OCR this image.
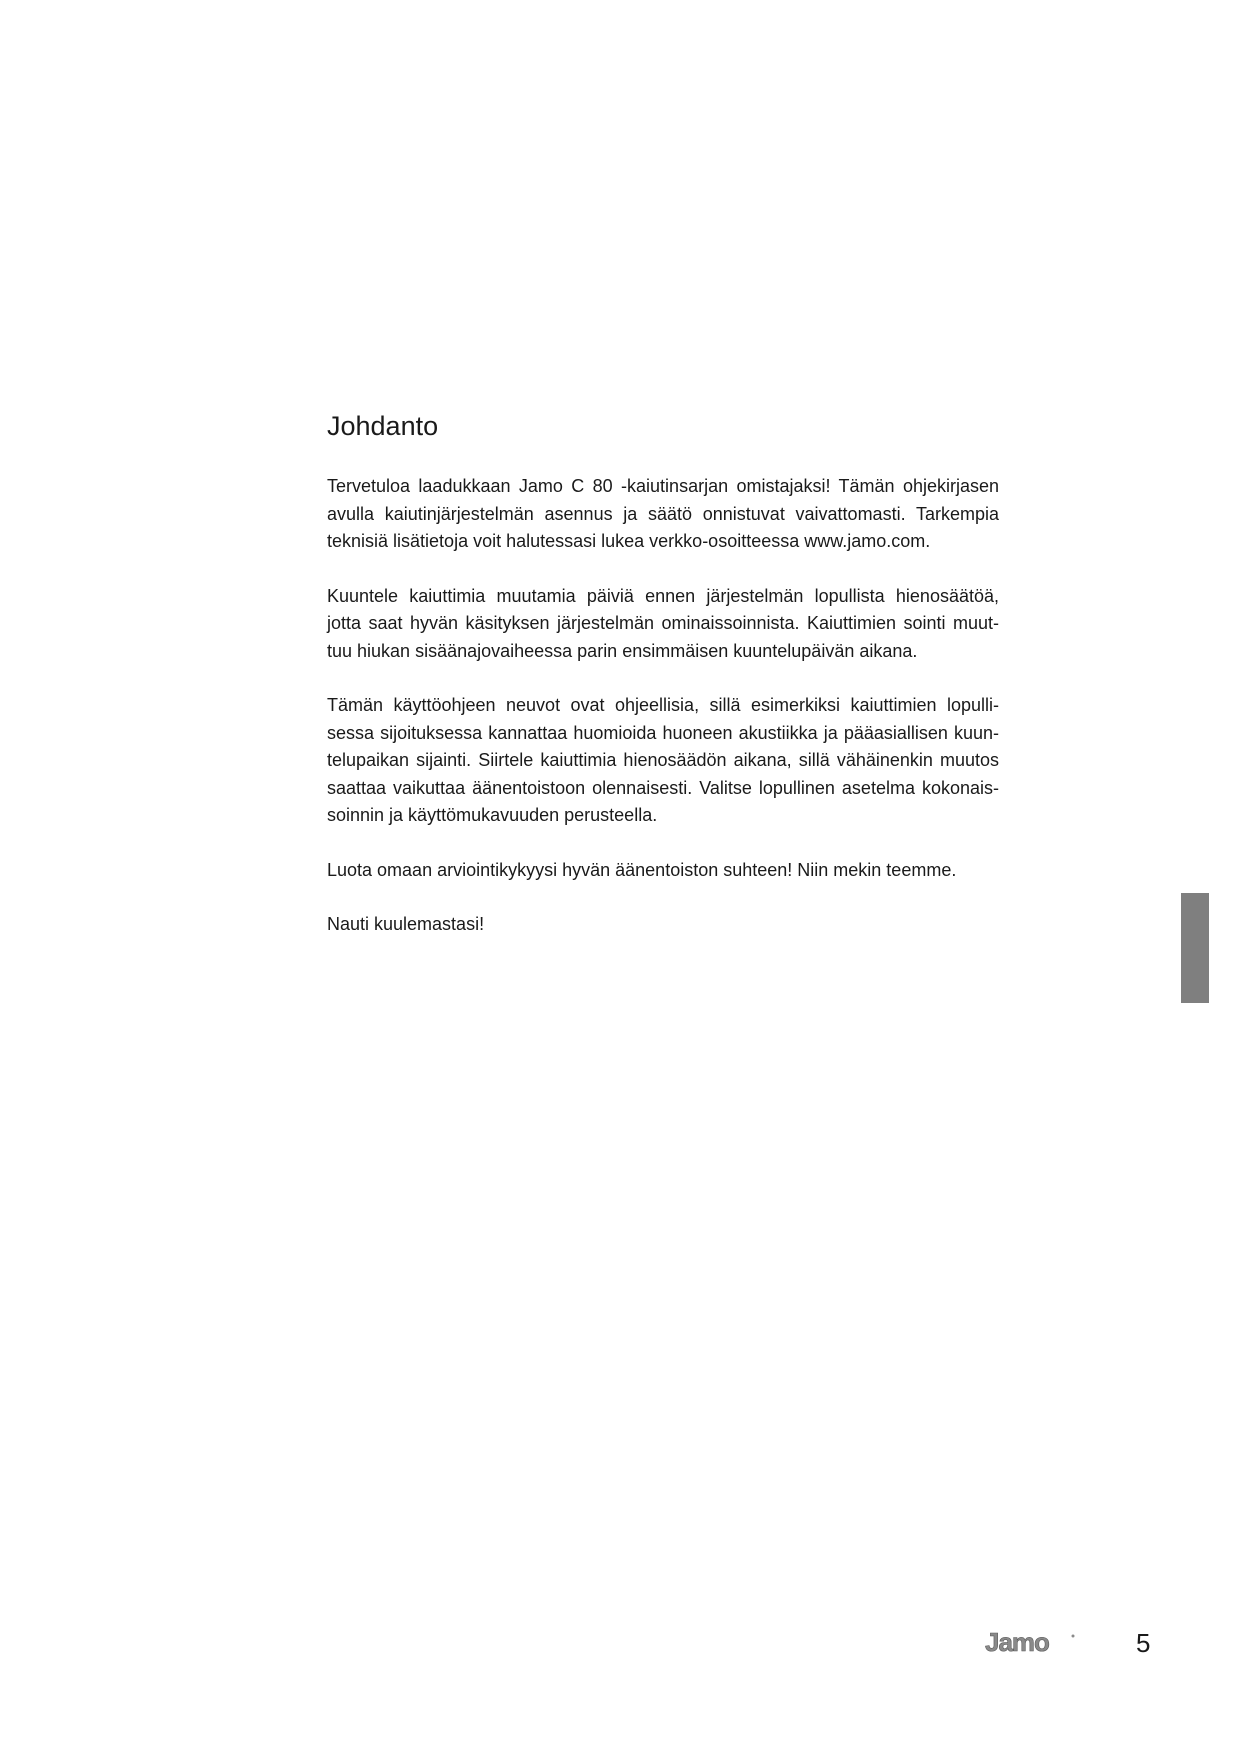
Johdanto

Tervetuloa laadukkaan Jamo C 80 -kaiutinsarjan omistajaksi! Tämän ohjekirjasen
avulla kaiutinjärjestelmän asennus ja säätö onnistuvat vaivattomasti. Tarkempia
teknisiä lisätietoja voit halutessasi lukea verkko-osoitteessa www.jamo.com.

Kuuntele kaiuttimia muutamia päiviä ennen järjestelmän lopullista hienosäätöä,
jotta saat hyvän käsityksen järjestelmän ominaissoinnista. Kaiuttimien sointi muut-
tuu hiukan sisäänajovaiheessa parin ensimmäisen kuuntelupäivän aikana.

Tämän käyttöohjeen neuvot ovat ohjeellisia, sillä esimerkiksi kaiuttimien lopulli-
sessa sijoituksessa kannattaa huomioida huoneen akustiikka ja pääasiallisen kuun-
telupaikan sijainti. Siirtele kaiuttimia hienosäädön aikana, sillä vähäinenkin muutos
saattaa vaikuttaa äänentoistoon olennaisesti. Valitse lopullinen asetelma kokonais-
soinnin ja käyttömukavuuden perusteella.

Luota omaan arviointikykyysi hyvän äänentoiston suhteen! Niin mekin teemme.

Nauti kuulemastasi!

Jamo	5
